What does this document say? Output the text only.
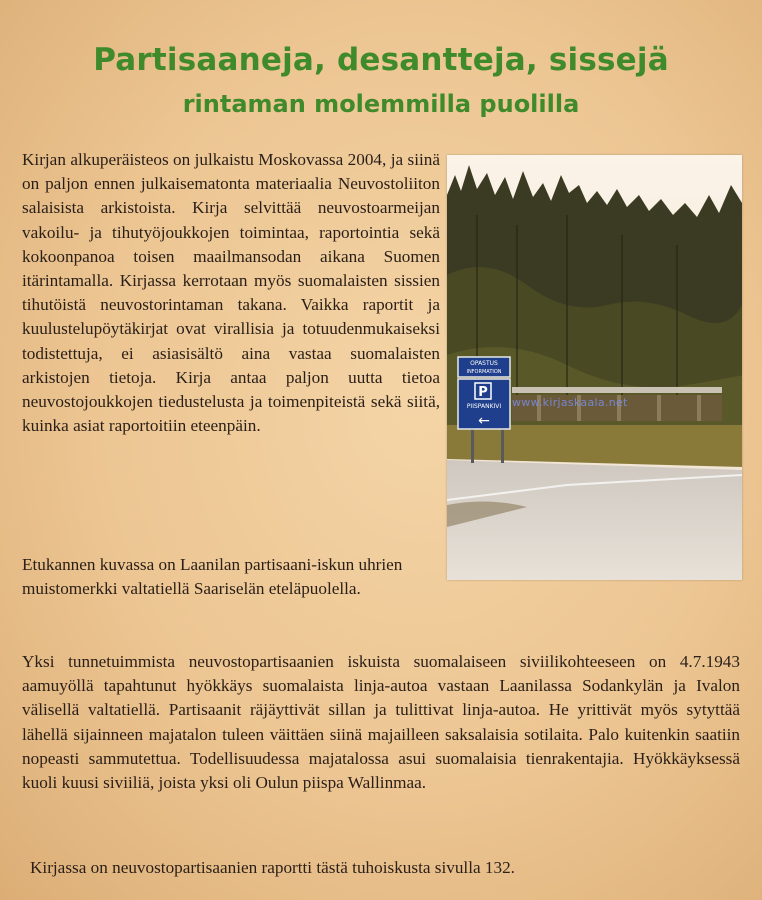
Partisaaneja, desantteja, sissejä
rintaman molemmilla puolilla

Kirjan alkuperäisteos on julkaistu Moskovassa 2004, ja siinä on paljon ennen julkaisematonta materiaalia Neuvostoliiton salaisista arkistoista. Kirja selvittää neuvostoarmeijan vakoilu- ja tihutyöjoukkojen toimintaa, raportointia sekä kokoonpanoa toisen maailmansodan aikana Suomen itärintamalla. Kirjassa kerrotaan myös suomalaisten sissien tihutöistä neuvostorintaman takana. Vaikka raportit ja kuulustelupöytäkirjat ovat virallisia ja totuudenmukaiseksi todistettuja, ei asiasisältö aina vastaa suomalaisten arkistojen tietoja. Kirja antaa paljon uutta tietoa neuvostojoukkojen tiedustelusta ja toimenpiteistä sekä siitä, kuinka asiat raportoitiin eteenpäin.

OPASTUS
INFORMATION
P
PIISPANKIVI
←
www.kirjaskaala.net
Etukannen kuvassa on Laanilan partisaani-iskun uhrien muistomerkki valtatiellä Saariselän eteläpuolella.
Yksi tunnetuimmista neuvostopartisaanien iskuista suomalaiseen siviilikohteeseen on 4.7.1943 aamuyöllä tapahtunut hyökkäys suomalaista linja-autoa vastaan Laanilassa Sodankylän ja Ivalon välisellä valtatiellä. Partisaanit räjäyttivät sillan ja tulittivat linja-autoa. He yrittivät myös sytyttää lähellä sijainneen majatalon tuleen väittäen siinä majailleen saksalaisia sotilaita. Palo kuitenkin saatiin nopeasti sammutettua. Todellisuudessa majatalossa asui suomalaisia tienrakentajia. Hyökkäyksessä kuoli kuusi siviiliä, joista yksi oli Oulun piispa Wallinmaa.
Kirjassa on neuvostopartisaanien raportti tästä tuhoiskusta sivulla 132.
